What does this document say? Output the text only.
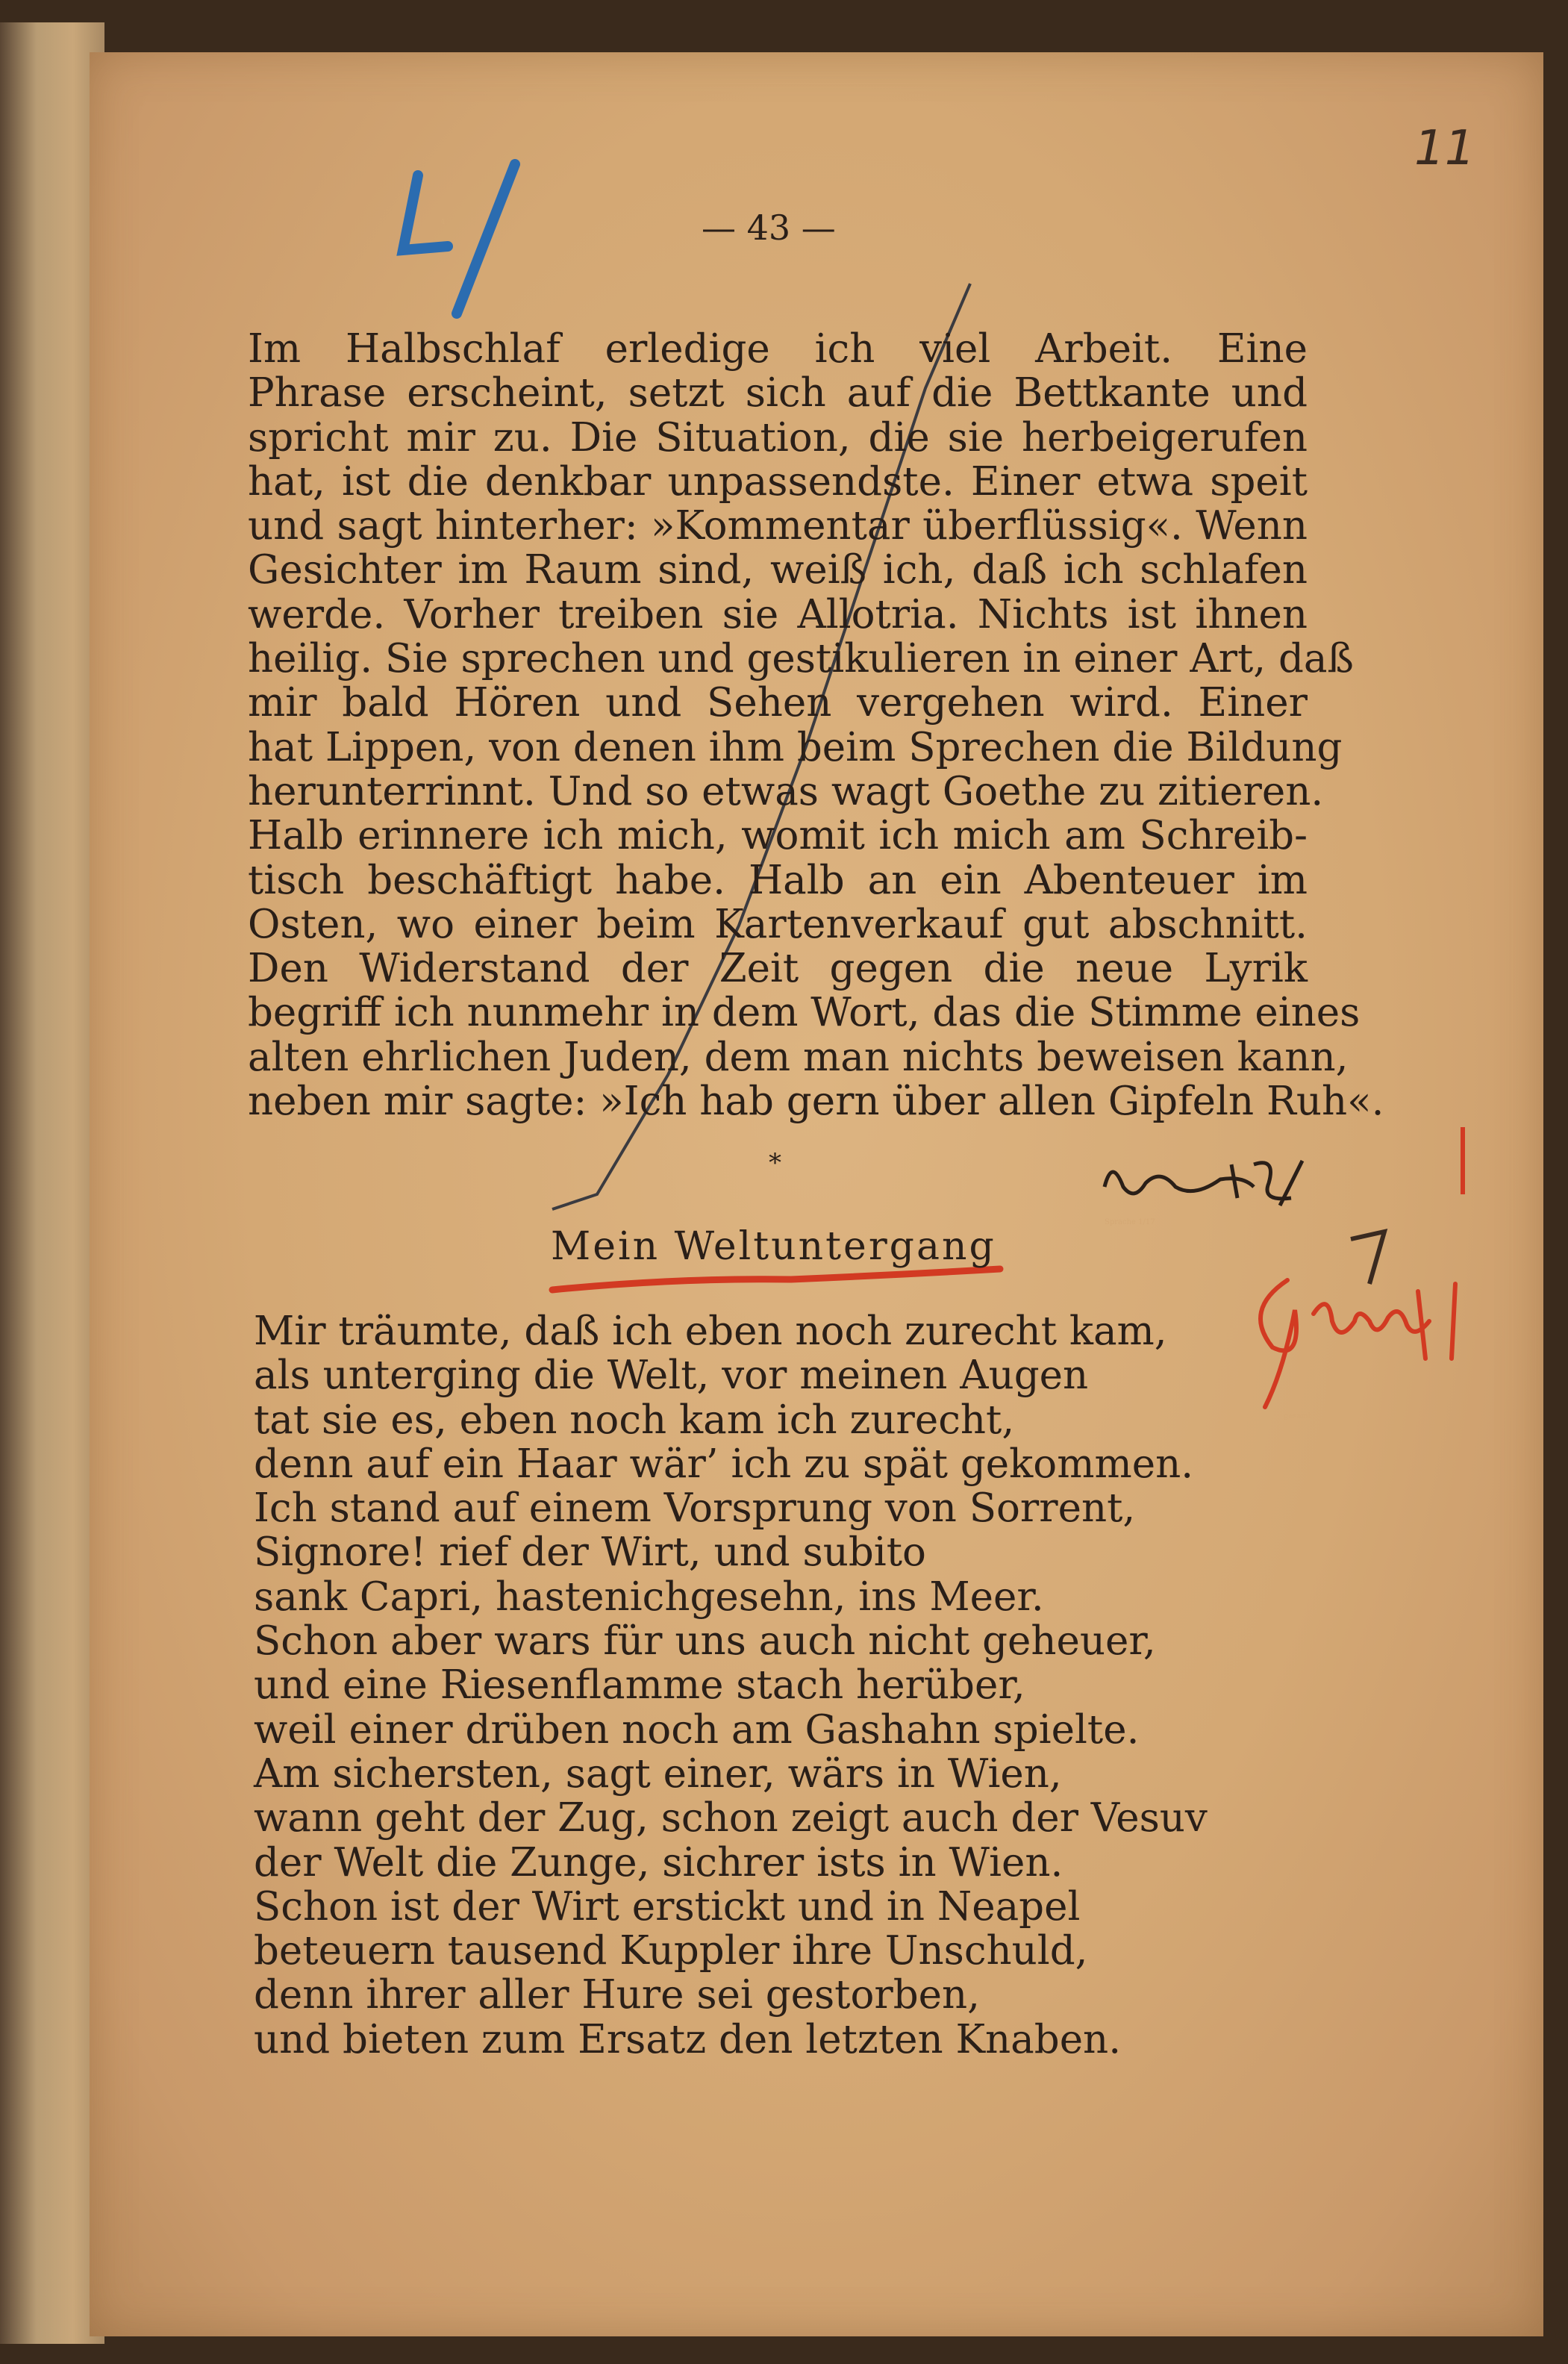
4
11
Sprache 1/17
gesamt
— 43 —
Im Halbschlaf erledige ich viel Arbeit. Eine
Phrase erscheint, setzt sich auf die Bettkante und
spricht mir zu. Die Situation, die sie herbeigerufen
hat, ist die denkbar unpassendste. Einer etwa speit
und sagt hinterher: »Kommentar überflüssig«. Wenn
Gesichter im Raum sind, weiß ich, daß ich schlafen
werde. Vorher treiben sie Allotria. Nichts ist ihnen
heilig. Sie sprechen und gestikulieren in einer Art, daß
mir bald Hören und Sehen vergehen wird. Einer
hat Lippen, von denen ihm beim Sprechen die Bildung
herunterrinnt. Und so etwas wagt Goethe zu zitieren.
Halb erinnere ich mich, womit ich mich am Schreib-
tisch beschäftigt habe. Halb an ein Abenteuer im
Osten, wo einer beim Kartenverkauf gut abschnitt.
Den Widerstand der Zeit gegen die neue Lyrik
begriff ich nunmehr in dem Wort, das die Stimme eines
alten ehrlichen Juden, dem man nichts beweisen kann,
neben mir sagte: »Ich hab gern über allen Gipfeln Ruh«.
*
Mein Weltuntergang
Mir träumte, daß ich eben noch zurecht kam,
als unterging die Welt, vor meinen Augen
tat sie es, eben noch kam ich zurecht,
denn auf ein Haar wär’ ich zu spät gekommen.
Ich stand auf einem Vorsprung von Sorrent,
Signore! rief der Wirt, und subito
sank Capri, hastenichgesehn, ins Meer.
Schon aber wars für uns auch nicht geheuer,
und eine Riesenflamme stach herüber,
weil einer drüben noch am Gashahn spielte.
Am sichersten, sagt einer, wärs in Wien,
wann geht der Zug, schon zeigt auch der Vesuv
der Welt die Zunge, sichrer ists in Wien.
Schon ist der Wirt erstickt und in Neapel
beteuern tausend Kuppler ihre Unschuld,
denn ihrer aller Hure sei gestorben,
und bieten zum Ersatz den letzten Knaben.
